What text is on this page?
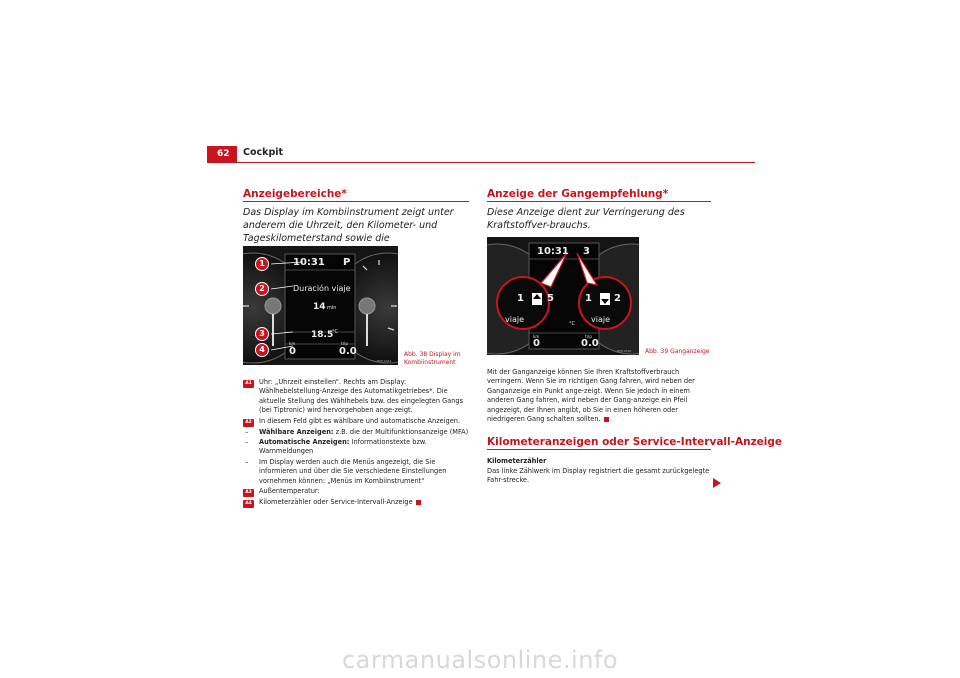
62	Cockpit
Anzeigebereiche*
Das Display im Kombiinstrument zeigt unter anderem die Uhrzeit, den Kilometer- und Tageskilometerstand sowie die
10:31 P
Duración viaje
14 min
18.5
°C
km	trip
0	0.0
1
2
3
4
B5P-0444
Abb. 38 Display im Kombiinstrument
A1	Uhr: „Uhrzeit einstellen“. Rechts am Display: Wählhebelstellung-Anzeige des Automatikgetriebes*. Die aktuelle Stellung des Wählhebels bzw. des eingelegten Gangs (bei Tiptronic) wird hervorgehoben ange-zeigt.
A2	In diesem Feld gibt es wählbare und automatische Anzeigen.
–	Wählbare Anzeigen: z.B. die der Multifunktionsanzeige (MFA)
–	Automatische Anzeigen: Informationstexte bzw. Warnmeldungen
–	Im Display werden auch die Menüs angezeigt, die Sie informieren und über die Sie verschiedene Einstellungen vornehmen können: „Menüs im Kombiinstrument“
A3	Außentemperatur:
A4	Kilometerzähler oder Service-Intervall-Anzeige
Anzeige der Gangempfehlung*
Diese Anzeige dient zur Verringerung des Kraftstoffver-brauchs.
10:31 3
1 5	1 2
viaje	viaje
°C
km	trip
0	0.0
B5P-0530 Abb. 39 Ganganzeige
Mit der Ganganzeige können Sie Ihren Kraftstoffverbrauch verringern. Wenn Sie im richtigen Gang fahren, wird neben der Ganganzeige ein Punkt ange-zeigt. Wenn Sie jedoch in einem anderen Gang fahren, wird neben der Gang-anzeige ein Pfeil angezeigt, der Ihnen angibt, ob Sie in einen höheren oder niedrigeren Gang schalten sollten.
Kilometeranzeigen oder Service-Intervall-Anzeige
Kilometerzähler
Das linke Zählwerk im Display registriert die gesamt zurückgelegte Fahr-strecke.
carmanualsonline.info
